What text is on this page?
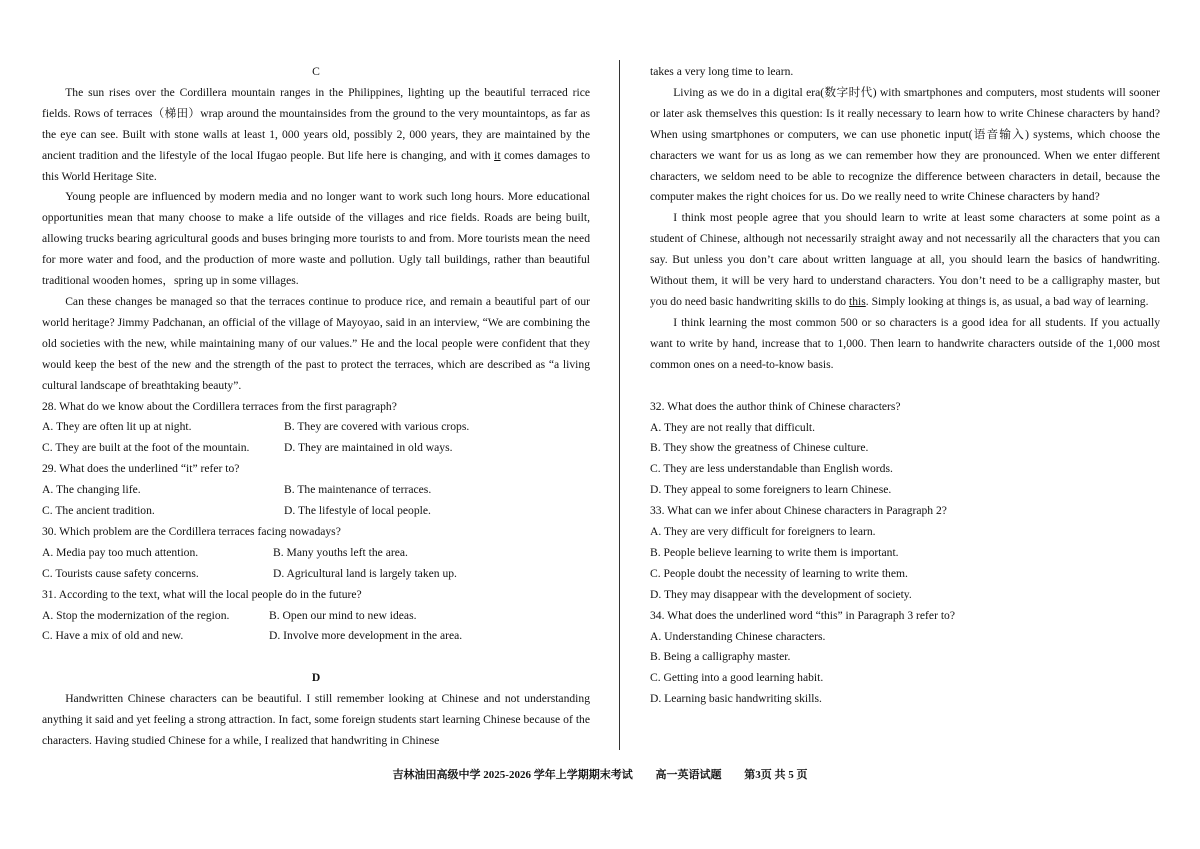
C

The sun rises over the Cordillera mountain ranges in the Philippines, lighting up the beautiful terraced rice fields. Rows of terraces（梯田）wrap around the mountainsides from the ground to the very mountaintops, as far as the eye can see. Built with stone walls at least 1, 000 years old, possibly 2, 000 years, they are maintained by the ancient tradition and the lifestyle of the local Ifugao people. But life here is changing, and with it comes damages to this World Heritage Site.

Young people are influenced by modern media and no longer want to work such long hours. More educational opportunities mean that many choose to make a life outside of the villages and rice fields. Roads are being built, allowing trucks bearing agricultural goods and buses bringing more tourists to and from. More tourists mean the need for more water and food, and the production of more waste and pollution. Ugly tall buildings, rather than beautiful traditional wooden homes，spring up in some villages.

Can these changes be managed so that the terraces continue to produce rice, and remain a beautiful part of our world heritage? Jimmy Padchanan, an official of the village of Mayoyao, said in an interview, “We are combining the old societies with the new, while maintaining many of our values.” He and the local people were confident that they would keep the best of the new and the strength of the past to protect the terraces, which are described as “a living cultural landscape of breathtaking beauty”.

28. What do we know about the Cordillera terraces from the first paragraph?
A. They are often lit up at night.	B. They are covered with various crops.
C. They are built at the foot of the mountain.	D. They are maintained in old ways.
29. What does the underlined “it” refer to?
A. The changing life.	B. The maintenance of terraces.
C. The ancient tradition.	D. The lifestyle of local people.
30. Which problem are the Cordillera terraces facing nowadays?
A. Media pay too much attention.	B. Many youths left the area.
C. Tourists cause safety concerns.	D. Agricultural land is largely taken up.
31. According to the text, what will the local people do in the future?
A. Stop the modernization of the region.	B. Open our mind to new ideas.
C. Have a mix of old and new.	D. Involve more development in the area.
D

Handwritten Chinese characters can be beautiful. I still remember looking at Chinese and not understanding anything it said and yet feeling a strong attraction. In fact, some foreign students start learning Chinese because of the characters. Having studied Chinese for a while, I realized that handwriting in Chinese

takes a very long time to learn.

Living as we do in a digital era(数字时代) with smartphones and computers, most students will sooner or later ask themselves this question: Is it really necessary to learn how to write Chinese characters by hand? When using smartphones or computers, we can use phonetic input(语音输入) systems, which choose the characters we want for us as long as we can remember how they are pronounced. When we enter different characters, we seldom need to be able to recognize the difference between characters in detail, because the computer makes the right choices for us. Do we really need to write Chinese characters by hand?

I think most people agree that you should learn to write at least some characters at some point as a student of Chinese, although not necessarily straight away and not necessarily all the characters that you can say. But unless you don’t care about written language at all, you should learn the basics of handwriting. Without them, it will be very hard to understand characters. You don’t need to be a calligraphy master, but you do need basic handwriting skills to do this. Simply looking at things is, as usual, a bad way of learning.

I think learning the most common 500 or so characters is a good idea for all students. If you actually want to write by hand, increase that to 1,000. Then learn to handwrite characters outside of the 1,000 most common ones on a need-to-know basis.

32. What does the author think of Chinese characters?
A. They are not really that difficult.
B. They show the greatness of Chinese culture.
C. They are less understandable than English words.
D. They appeal to some foreigners to learn Chinese.
33. What can we infer about Chinese characters in Paragraph 2?
A. They are very difficult for foreigners to learn.
B. People believe learning to write them is important.
C. People doubt the necessity of learning to write them.
D. They may disappear with the development of society.
34. What does the underlined word “this” in Paragraph 3 refer to?
A. Understanding Chinese characters.
B. Being a calligraphy master.
C. Getting into a good learning habit.
D. Learning basic handwriting skills.
吉林油田高级中学 2025-2026 学年上学期期末考试 高一英语试题 第3页 共 5 页
